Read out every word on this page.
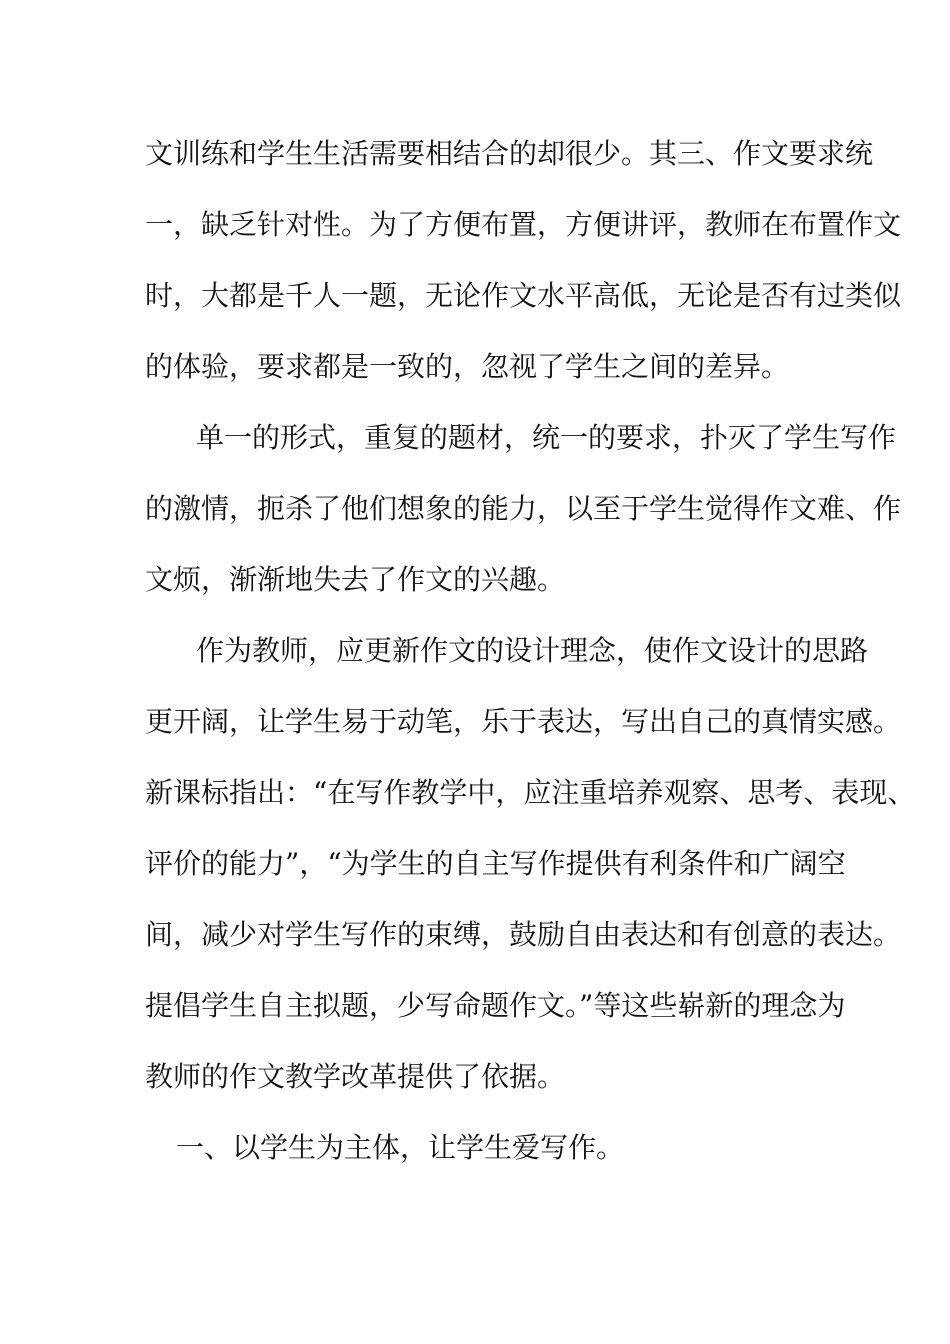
文训练和学生生活需要相结合的却很少。其三、作文要求统
一，缺乏针对性。为了方便布置，方便讲评，教师在布置作文
时，大都是千人一题，无论作文水平高低，无论是否有过类似
的体验，要求都是一致的，忽视了学生之间的差异。
单一的形式，重复的题材，统一的要求，扑灭了学生写作
的激情，扼杀了他们想象的能力，以至于学生觉得作文难、作
文烦，渐渐地失去了作文的兴趣。
作为教师，应更新作文的设计理念，使作文设计的思路
更开阔，让学生易于动笔，乐于表达，写出自己的真情实感。
新课标指出：“在写作教学中，应注重培养观察、思考、表现、
评价的能力”，“为学生的自主写作提供有利条件和广阔空
间，减少对学生写作的束缚，鼓励自由表达和有创意的表达。
提倡学生自主拟题，少写命题作文。”等这些崭新的理念为
教师的作文教学改革提供了依据。
一、以学生为主体，让学生爱写作。
